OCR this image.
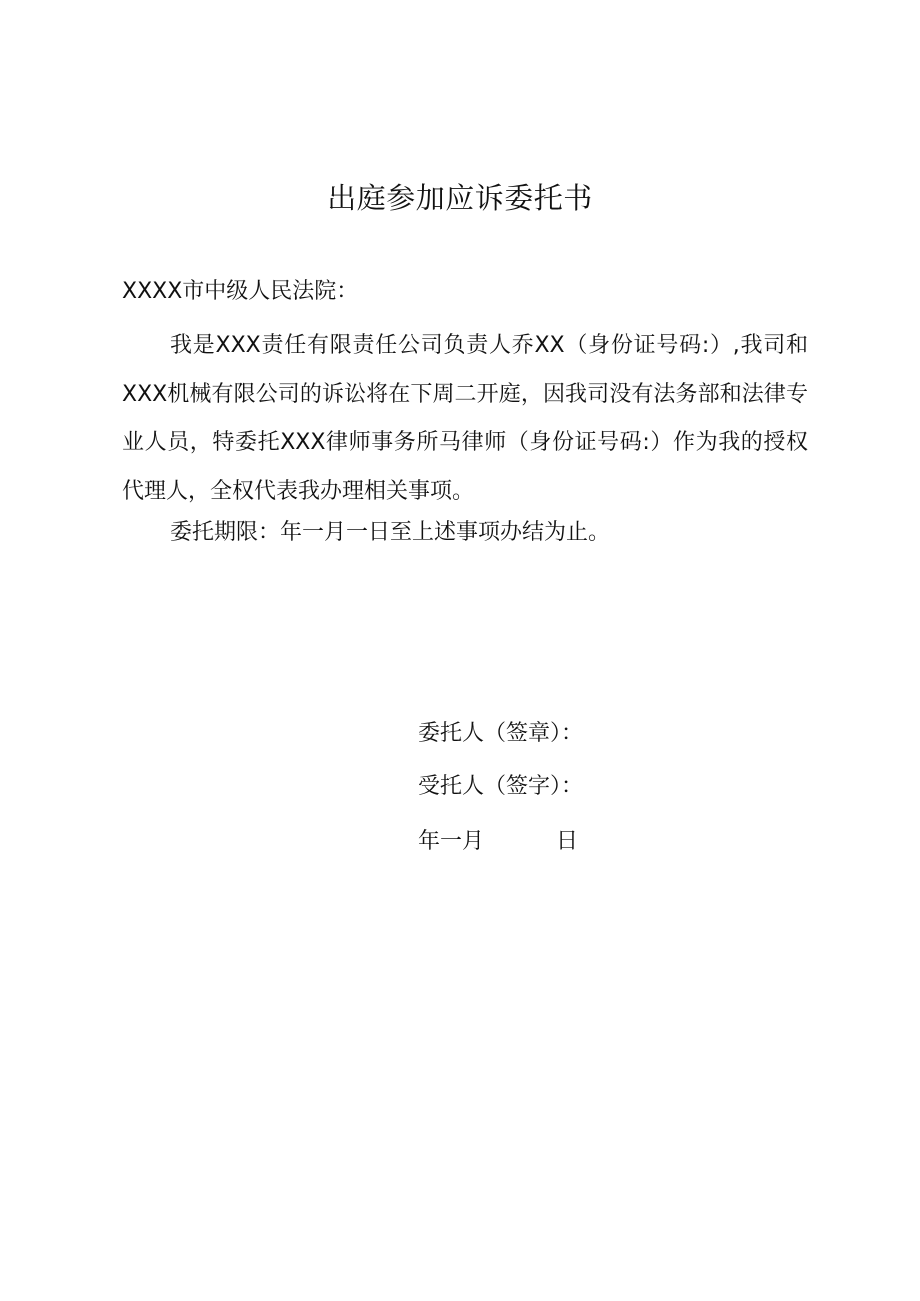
出庭参加应诉委托书
XXXX市中级人民法院：

我是XXX责任有限责任公司负责人乔XX（身份证号码:）,我司和XXX机械有限公司的诉讼将在下周二开庭，因我司没有法务部和法律专业人员，特委托XXX律师事务所马律师（身份证号码:）作为我的授权代理人，全权代表我办理相关事项。

委托期限：年一月一日至上述事项办结为止。

委托人（签章）：
受托人（签字）：
年一月	日
